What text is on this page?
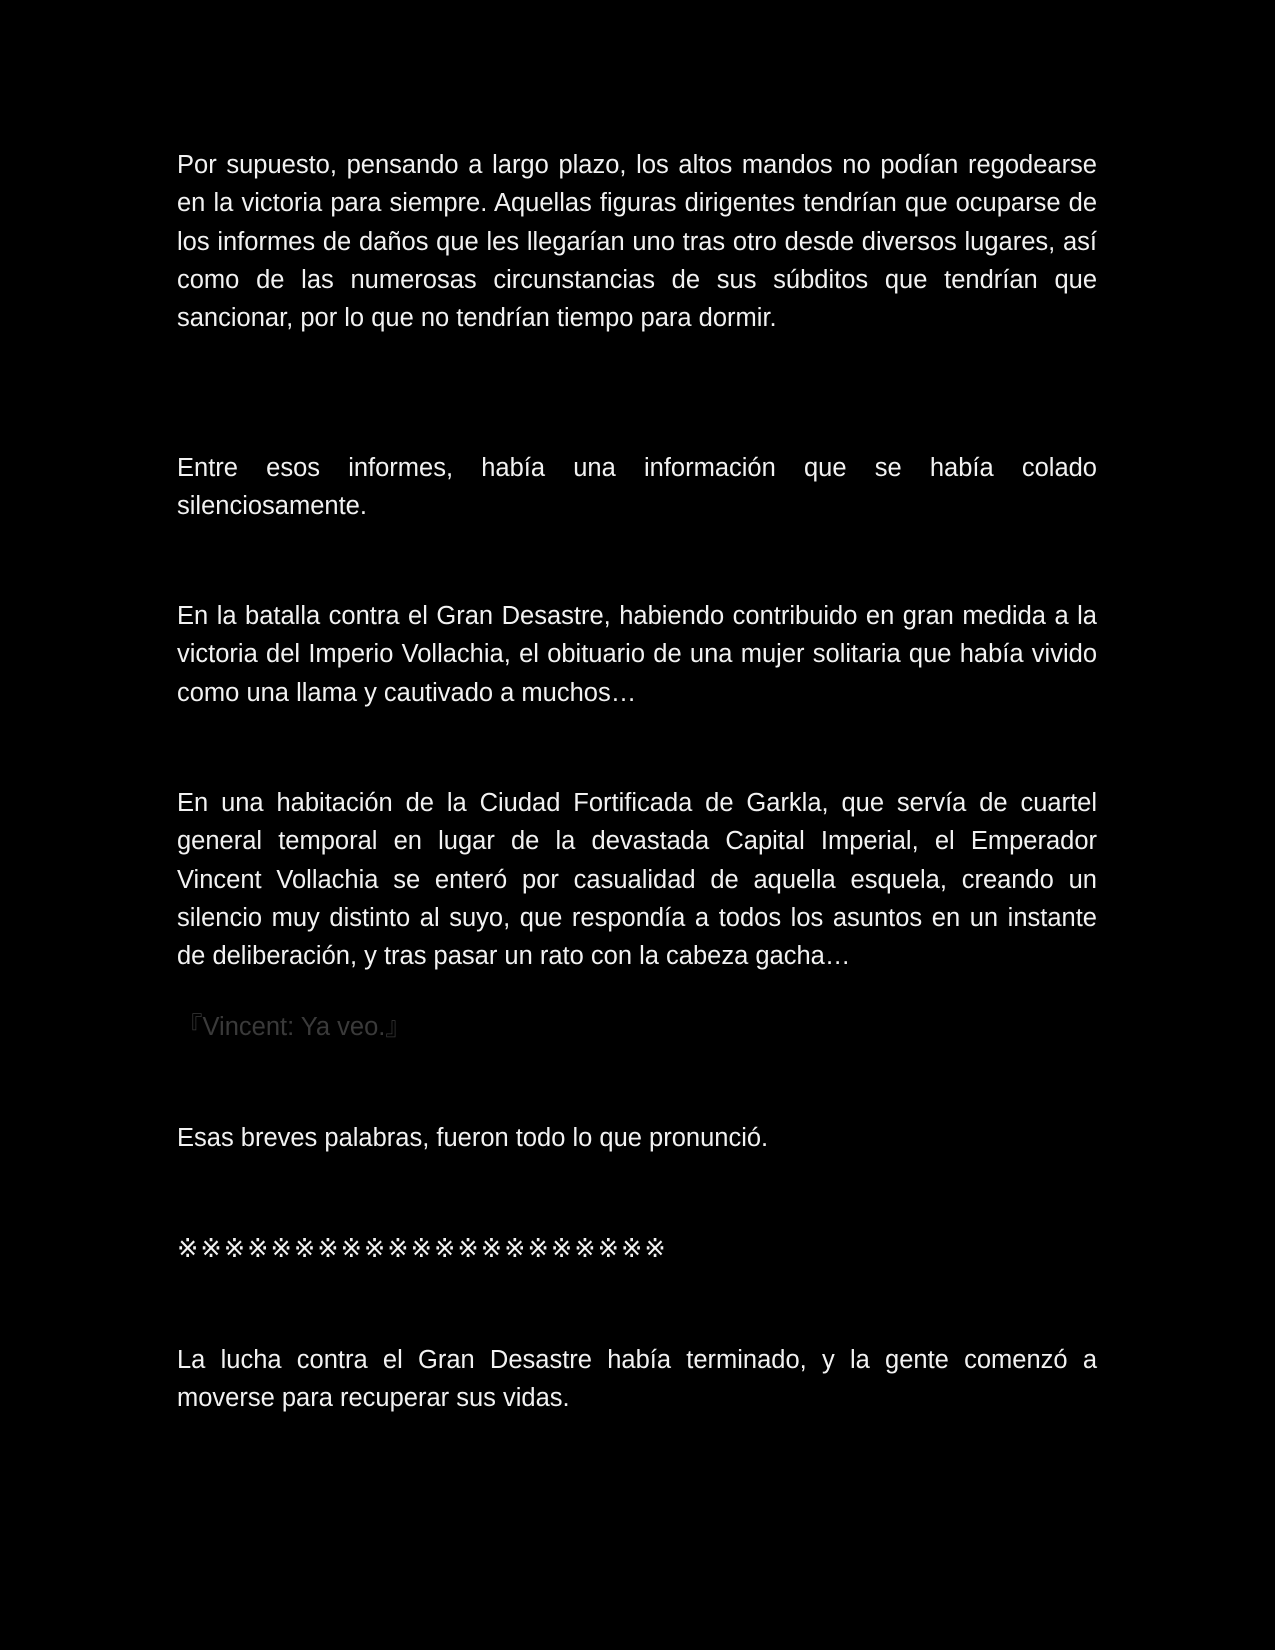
Por supuesto, pensando a largo plazo, los altos mandos no podían regodearse en la victoria para siempre. Aquellas figuras dirigentes tendrían que ocuparse de los informes de daños que les llegarían uno tras otro desde diversos lugares, así como de las numerosas circunstancias de sus súbditos que tendrían que sancionar, por lo que no tendrían tiempo para dormir.

Entre esos informes, había una información que se había colado silenciosamente.

En la batalla contra el Gran Desastre, habiendo contribuido en gran medida a la victoria del Imperio Vollachia, el obituario de una mujer solitaria que había vivido como una llama y cautivado a muchos…

En una habitación de la Ciudad Fortificada de Garkla, que servía de cuartel general temporal en lugar de la devastada Capital Imperial, el Emperador Vincent Vollachia se enteró por casualidad de aquella esquela, creando un silencio muy distinto al suyo, que respondía a todos los asuntos en un instante de deliberación, y tras pasar un rato con la cabeza gacha…

『Vincent: Ya veo.』

Esas breves palabras, fueron todo lo que pronunció.

※※※※※※※※※※※※※※※※※※※※※

La lucha contra el Gran Desastre había terminado, y la gente comenzó a moverse para recuperar sus vidas.
